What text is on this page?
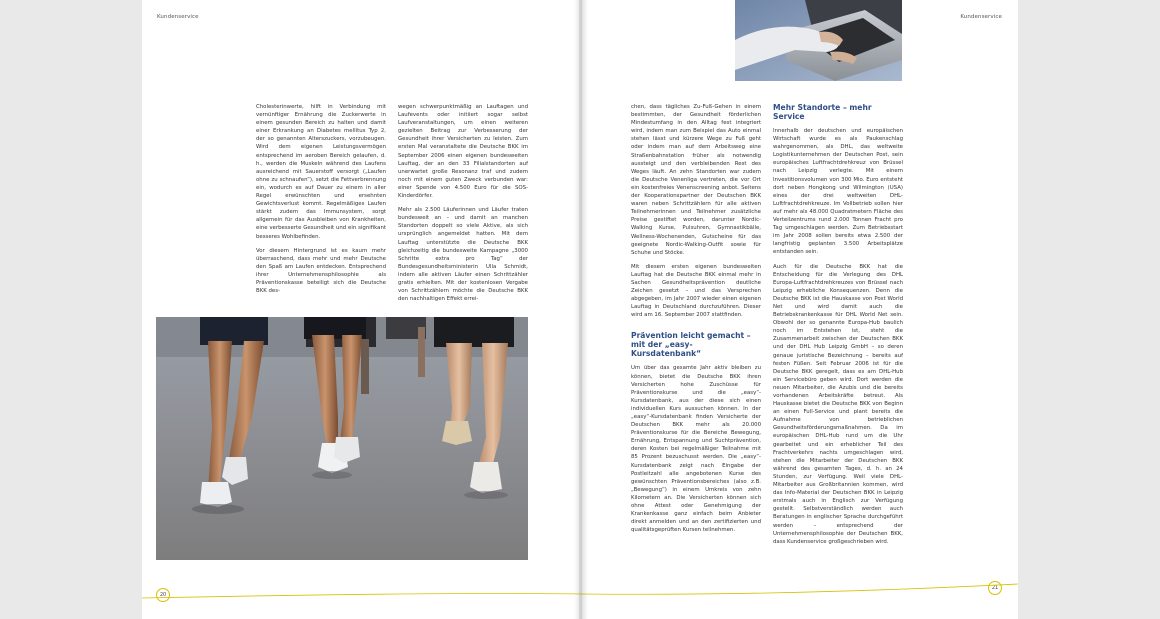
Kundenservice

Cholesterinwerte, hilft in Verbindung mit vernünftiger Ernährung die Zuckerwerte in einem gesunden Bereich zu halten und damit einer Erkrankung an Diabetes mellitus Typ 2, der so genannten Alterszuckers, vorzubeugen. Wird dem eigenen Leistungsvermögen entsprechend im aeroben Bereich gelaufen, d. h., werden die Muskeln während des Laufens ausreichend mit Sauerstoff versorgt („Laufen ohne zu schnaufen“), setzt die Fettverbrennung ein, wodurch es auf Dauer zu einem in aller Regel erwünschten und ersehnten Gewichtsverlust kommt. Regelmäßiges Laufen stärkt zudem das Immunsystem, sorgt allgemein für das Ausbleiben von Krankheiten, eine verbesserte Gesundheit und ein signifikant besseres Wohlbefinden.

Vor diesem Hintergrund ist es kaum mehr überraschend, dass mehr und mehr Deutsche den Spaß am Laufen entdecken. Entsprechend ihrer Unternehmensphilosophie als Präventionskasse beteiligt sich die Deutsche BKK des-

wegen schwerpunktmäßig an Lauftagen und Laufevents oder initiiert sogar selbst Laufveranstaltungen, um einen weiteren gezielten Beitrag zur Verbesserung der Gesundheit ihrer Versicherten zu leisten. Zum ersten Mal veranstaltete die Deutsche BKK im September 2006 einen eigenen bundesweiten Lauftag, der an den 33 Filialstandorten auf unerwartet große Resonanz traf und zudem noch mit einem guten Zweck verbunden war: einer Spende von 4.500 Euro für die SOS-Kinderdörfer.

Mehr als 2.500 Läuferinnen und Läufer traten bundesweit an – und damit an manchen Standorten doppelt so viele Aktive, als sich ursprünglich angemeldet hatten. Mit dem Lauftag unterstützte die Deutsche BKK gleichzeitig die bundesweite Kampagne „3000 Schritte extra pro Tag“ der Bundesgesundheitsministerin Ulla Schmidt, indem alle aktiven Läufer einen Schrittzähler gratis erhielten. Mit der kostenlosen Vergabe von Schrittzählern möchte die Deutsche BKK den nachhaltigen Effekt errei-

20
Kundenservice

chen, dass tägliches Zu-Fuß-Gehen in einem bestimmten, der Gesundheit förderlichen Mindestumfang in den Alltag fest integriert wird, indem man zum Beispiel das Auto einmal stehen lässt und kürzere Wege zu Fuß geht oder indem man auf dem Arbeitsweg eine Straßenbahnstation früher als notwendig aussteigt und den verbleibenden Rest des Weges läuft. An zehn Standorten war zudem die Deutsche Venenliga vertreten, die vor Ort ein kostenfreies Venenscreening anbot. Seitens der Kooperationspartner der Deutschen BKK waren neben Schrittzählern für alle aktiven Teilnehmerinnen und Teilnehmer zusätzliche Preise gestiftet worden, darunter Nordic-Walking Kurse, Pulsuhren, Gymnastikbälle, Wellness-Wochenenden, Gutscheine für das geeignete Nordic-Walking-Outfit sowie für Schuhe und Stöcke.

Mit diesem ersten eigenen bundesweiten Lauftag hat die Deutsche BKK einmal mehr in Sachen Gesundheitsprävention deutliche Zeichen gesetzt – und das Versprechen abgegeben, im Jahr 2007 wieder einen eigenen Lauftag in Deutschland durchzuführen. Dieser wird am 16. September 2007 stattfinden.

Prävention leicht gemacht – mit der „easy-Kursdatenbank“

Um über das gesamte Jahr aktiv bleiben zu können, bietet die Deutsche BKK ihren Versicherten hohe Zuschüsse für Präventionskurse und die „easy“-Kursdatenbank, aus der diese sich einen individuellen Kurs aussuchen können. In der „easy“-Kursdatenbank finden Versicherte der Deutschen BKK mehr als 20.000 Präventionskurse für die Bereiche Bewegung, Ernährung, Entspannung und Suchtprävention, deren Kosten bei regelmäßiger Teilnahme mit 85 Prozent bezuschusst werden. Die „easy“-Kursdatenbank zeigt nach Eingabe der Postleitzahl alle angebotenen Kurse des gewünschten Präventionsbereiches (also z.B. „Bewegung“) in einem Umkreis von zehn Kilometern an. Die Versicherten können sich ohne Attest oder Genehmigung der Krankenkasse ganz einfach beim Anbieter direkt anmelden und an den zertifizierten und qualitätsgeprüften Kursen teilnehmen.

Mehr Standorte – mehr Service

Innerhalb der deutschen und europäischen Wirtschaft wurde es als Paukenschlag wahrgenommen, als DHL, das weltweite Logistikunternehmen der Deutschen Post, sein europäisches Luftfrachtdrehkreuz von Brüssel nach Leipzig verlegte. Mit einem Investitionsvolumen von 300 Mio. Euro entsteht dort neben Hongkong und Wilmington (USA) eines der drei weltweiten DHL-Luftfrachtdrehkreuze. Im Vollbetrieb sollen hier auf mehr als 48.000 Quadratmetern Fläche des Verteilzentrums rund 2.000 Tonnen Fracht pro Tag umgeschlagen werden. Zum Betriebsstart im Jahr 2008 sollen bereits etwa 2.500 der langfristig geplanten 3.500 Arbeitsplätze entstanden sein.

Auch für die Deutsche BKK hat die Entscheidung für die Verlegung des DHL Europa-Luftfrachtdrehkreuzes von Brüssel nach Leipzig erhebliche Konsequenzen. Denn die Deutsche BKK ist die Hauskasse von Post World Net und wird damit auch die Betriebskrankenkasse für DHL World Net sein. Obwohl der so genannte Europa-Hub baulich noch im Entstehen ist, steht die Zusammenarbeit zwischen der Deutschen BKK und der DHL Hub Leipzig GmbH – so deren genaue juristische Bezeichnung – bereits auf festen Füßen. Seit Februar 2006 ist für die Deutsche BKK geregelt, dass es am DHL-Hub ein Servicebüro geben wird. Dort werden die neuen Mitarbeiter, die Azubis und die bereits vorhandenen Arbeitskräfte betreut. Als Hauskasse bietet die Deutsche BKK von Beginn an einen Full-Service und plant bereits die Aufnahme von betrieblichen Gesundheitsförderungsmaßnahmen. Da im europäischen DHL-Hub rund um die Uhr gearbeitet und ein erheblicher Teil des Frachtverkehrs nachts umgeschlagen wird, stehen die Mitarbeiter der Deutschen BKK während des gesamten Tages, d. h. an 24 Stunden, zur Verfügung. Weil viele DHL-Mitarbeiter aus Großbritannien kommen, wird das Info-Material der Deutschen BKK in Leipzig erstmals auch in Englisch zur Verfügung gestellt. Selbstverständlich werden auch Beratungen in englischer Sprache durchgeführt werden – entsprechend der Unternehmensphilosophie der Deutschen BKK, dass Kundenservice großgeschrieben wird.

21
